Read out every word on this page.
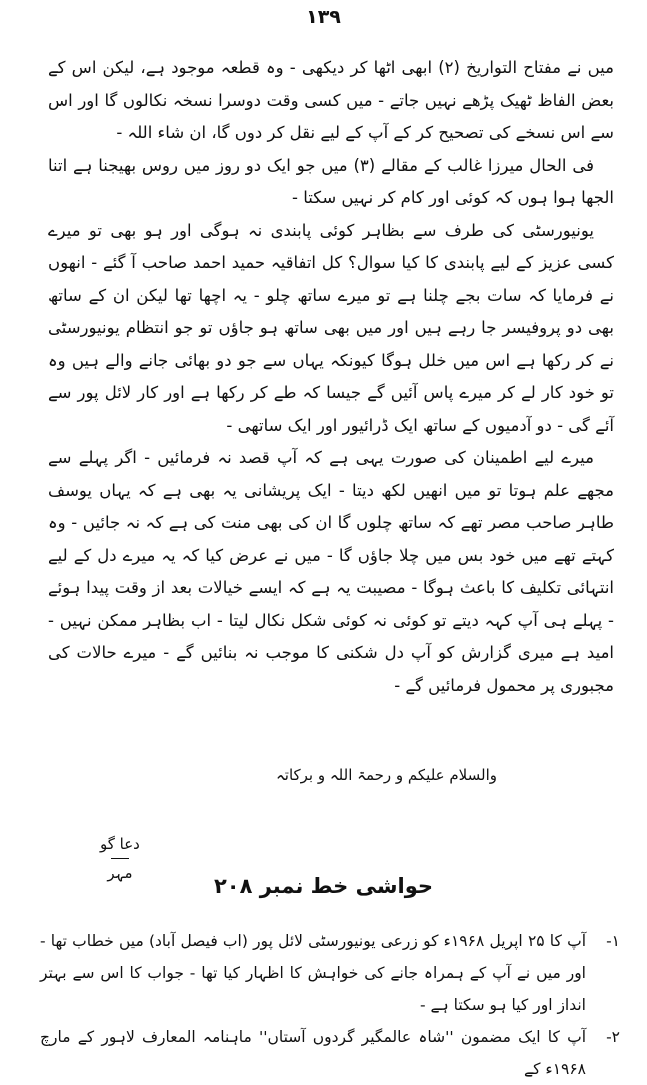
١٣٩

میں نے مفتاح التواریخ (۲) ابھی اٹھا کر دیکھی - وہ قطعہ موجود ہے، لیکن اس کے بعض الفاظ ٹھیک پڑھے نہیں جاتے - میں کسی وقت دوسرا نسخہ نکالوں گا اور اس سے اس نسخے کی تصحیح کر کے آپ کے لیے نقل کر دوں گا، ان شاء اللہ -

فی الحال میرزا غالب کے مقالے (۳) میں جو ایک دو روز میں روس بھیجنا ہے اتنا الجھا ہوا ہوں کہ کوئی اور کام کر نہیں سکتا -

یونیورسٹی کی طرف سے بظاہر کوئی پابندی نہ ہوگی اور ہو بھی تو میرے کسی عزیز کے لیے پابندی کا کیا سوال؟ کل اتفاقیہ حمید احمد صاحب آ گئے - انھوں نے فرمایا کہ سات بجے چلنا ہے تو میرے ساتھ چلو - یہ اچھا تھا لیکن ان کے ساتھ بھی دو پروفیسر جا رہے ہیں اور میں بھی ساتھ ہو جاؤں تو جو انتظام یونیورسٹی نے کر رکھا ہے اس میں خلل ہوگا کیونکہ یہاں سے جو دو بھائی جانے والے ہیں وہ تو خود کار لے کر میرے پاس آئیں گے جیسا کہ طے کر رکھا ہے اور کار لائل پور سے آئے گی - دو آدمیوں کے ساتھ ایک ڈرائیور اور ایک ساتھی -

میرے لیے اطمینان کی صورت یہی ہے کہ آپ قصد نہ فرمائیں - اگر پہلے سے مجھے علم ہوتا تو میں انھیں لکھ دیتا - ایک پریشانی یہ بھی ہے کہ یہاں یوسف طاہر صاحب مصر تھے کہ ساتھ چلوں گا ان کی بھی منت کی ہے کہ نہ جائیں - وہ کہتے تھے میں خود بس میں چلا جاؤں گا - میں نے عرض کیا کہ یہ میرے دل کے لیے انتہائی تکلیف کا باعث ہوگا - مصیبت یہ ہے کہ ایسے خیالات بعد از وقت پیدا ہوئے - پہلے ہی آپ کہہ دیتے تو کوئی نہ کوئی شکل نکال لیتا - اب بظاہر ممکن نہیں - امید ہے میری گزارش کو آپ دل شکنی کا موجب نہ بنائیں گے - میرے حالات کی مجبوری پر محمول فرمائیں گے -

والسلام علیکم و رحمۃ اللہ و برکاتہ
دعا گو
مہر
حواشی خط نمبر ۲۰۸
۱-
آپ کا ۲۵ اپریل ۱۹۶۸ء کو زرعی یونیورسٹی لائل پور (اب فیصل آباد) میں خطاب تھا - اور میں نے آپ کے ہمراہ جانے کی خواہش کا اظہار کیا تھا - جواب کا اس سے بہتر انداز اور کیا ہو سکتا ہے -
۲-
آپ کا ایک مضمون ''شاہ عالمگیر گردوں آستاں'' ماہنامہ المعارف لاہور کے مارچ ۱۹۶۸ء کے
